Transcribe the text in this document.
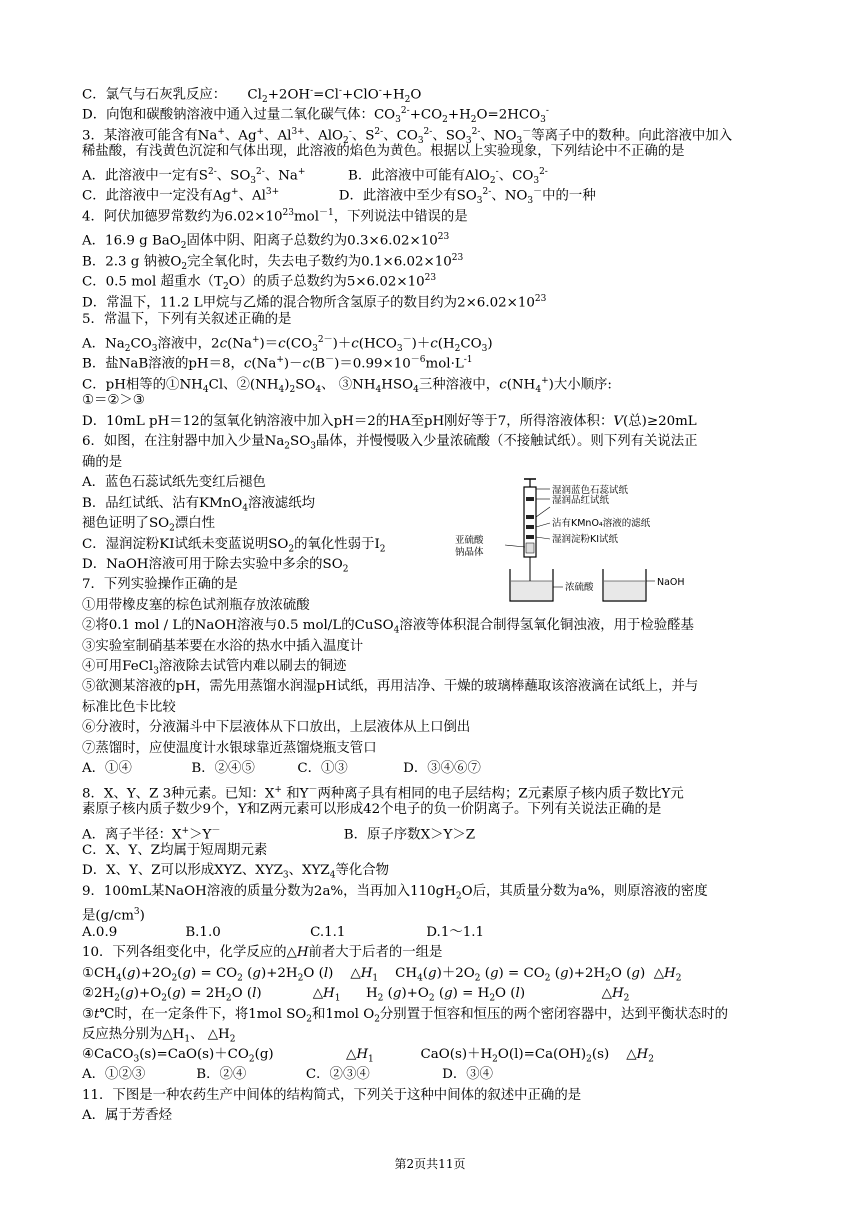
C．氯气与石灰乳反应：     $Cl_2+2OH^-=Cl^-+ClO^-+H_2O$
D．向饱和碳酸钠溶液中通入过量二氧化碳气体：$CO_3^{2-}+CO_2+H_2O=2HCO_3^-$
3．某溶液可能含有Na+、Ag+、$Al^{3+}$、AlO$_2$-、$S^{2-}$、$CO_3^{2-}$、$SO_3^{2-}$、$NO_3^-$等离子中的数种。向此溶液中加入
稀盐酸，有浅黄色沉淀和气体出现，此溶液的焰色为黄色。根据以上实验现象，下列结论中不正确的是
A．此溶液中一定有$S^{2-}$、$SO_3^{2-}$、Na+          B．此溶液中可能有AlO$_2$-、$CO_3^{2-}$
C．此溶液中一定没有Ag+、$Al^{3+}$              D．此溶液中至少有$SO_3^{2-}$、$NO_3^-$中的一种
4．阿伏加德罗常数约为$6.02\times 10^{23}mol^{-1}$，下列说法中错误的是
A．16.9 g BaO$_2$固体中阴、阳离子总数约为$0.3\times 6.02\times 10^{23}$
B．2.3 g 钠被$O_2$完全氧化时，失去电子数约为$0.1\times 6.02\times 10^{23}$
C．0.5 mol 超重水$(T_2O)$的质子总数约为$5\times 6.02\times 10^{23}$
D．常温下，11.2 L甲烷与乙烯的混合物所含氢原子的数目约为$2\times 6.02\times 10^{23}$
5．常温下，下列有关叙述正确的是
A．$Na_2CO_3$溶液中，$2c(Na^+)=c(CO_3^{2-})+c(HCO_3^-)+c(H_2CO_3)$
B．盐NaB溶液的pH＝8，$c(Na^+)-c(B^-)=0.99\times 10^{-6}mol\cdot L^{-1}$
C．pH相等的$①NH_4Cl$、$②(NH_4)_2SO_4$、 $③NH_4HSO_4$三种溶液中，$c(NH_4^+)$大小顺序:
①＝②＞③
D．10mL pH＝12的氢氧化钠溶液中加入pH＝2的HA至pH刚好等于7，所得溶液体积：V(总)≥20mL
6．如图，在注射器中加入少量$Na_2SO_3$晶体，并慢慢吸入少量浓硫酸（不接触试纸）。则下列有关说法正
确的是
A．蓝色石蕊试纸先变红后褪色
B．品红试纸、沾有KMnO$_4$溶液滤纸均
褪色证明了$SO_2$漂白性
C．湿润淀粉KI试纸未变蓝说明$SO_2$的氧化性弱于$I_2$
D．NaOH溶液可用于除去实验中多余的$SO_2$
7．下列实验操作正确的是
①用带橡皮塞的棕色试剂瓶存放浓硫酸
②将0.1 mol / L的NaOH溶液与0.5 mol/L的CuSO$_4$溶液等体积混合制得氢氧化铜浊液，用于检验醛基
③实验室制硝基苯要在水浴的热水中插入温度计
④可用FeCl$_3$溶液除去试管内难以刷去的铜迹
⑤欲测某溶液的pH，需先用蒸馏水润湿pH试纸，再用洁净、干燥的玻璃棒蘸取该溶液滴在试纸上，并与
标准比色卡比较
⑥分液时，分液漏斗中下层液体从下口放出，上层液体从上口倒出
⑦蒸馏时，应使温度计水银球靠近蒸馏烧瓶支管口
A．①④              B．②④⑤          C．①③             D．③④⑥⑦
8．X、Y、Z 3种元素。已知：X+ 和Y－两种离子具有相同的电子层结构；Z元素原子核内质子数比Y元
素原子核内质子数少9个，Y和Z两元素可以形成42个电子的负一价阴离子。下列有关说法正确的是
A．离子半径：X+＞Y－                             B．原子序数X＞Y＞Z
C．X、Y、Z均属于短周期元素
D．X、Y、Z可以形成XYZ、$XYZ_3$、$XYZ_4$等化合物
9．100mL某NaOH溶液的质量分数为2a%，当再加入$110gH_2O$后，其质量分数为a%，则原溶液的密度
是$(g/cm^3)$
A.0.9                B.1.0                     C.1.1                   D.1～1.1
10．下列各组变化中，化学反应的△H前者大于后者的一组是
$①CH_4(g)+2O_2(g) = CO_2$ $(g)+2H_2O$ (l)    $\triangle H_1$    $CH_4(g)+2O_2$ $(g) = CO_2$ $(g)+2H_2O$ (g)  $\triangle H_2$
$②2H_2(g)+O_2(g) = 2H_2O$ (l)            $\triangle H_1$      $H_2$ $(g)+O_2$ $(g) = H_2O$ (l)                  $\triangle H_2$
③t℃时，在一定条件下，将1mol $SO_2$和1mol $O_2$分别置于恒容和恒压的两个密闭容器中，达到平衡状态时的
反应热分别为$\triangle H_1$、 $\triangle H_2$
$④CaCO_3(s)=CaO(s)+CO_2(g)$                 $\triangle H_1$           $CaO(s)+H_2O(l)=Ca(OH)_2(s)$    $\triangle H_2$
A．①②③            B．②④              C．②③④                 D．③④
11．下图是一种农药生产中间体的结构简式，下列关于这种中间体的叙述中正确的是
A．属于芳香烃
湿润蓝色石蕊试纸
湿润品红试纸
沾有KMnO₄溶液的滤纸
湿润淀粉KI试纸
亚硫酸
钠晶体
浓硫酸	NaOH
第2页共11页
